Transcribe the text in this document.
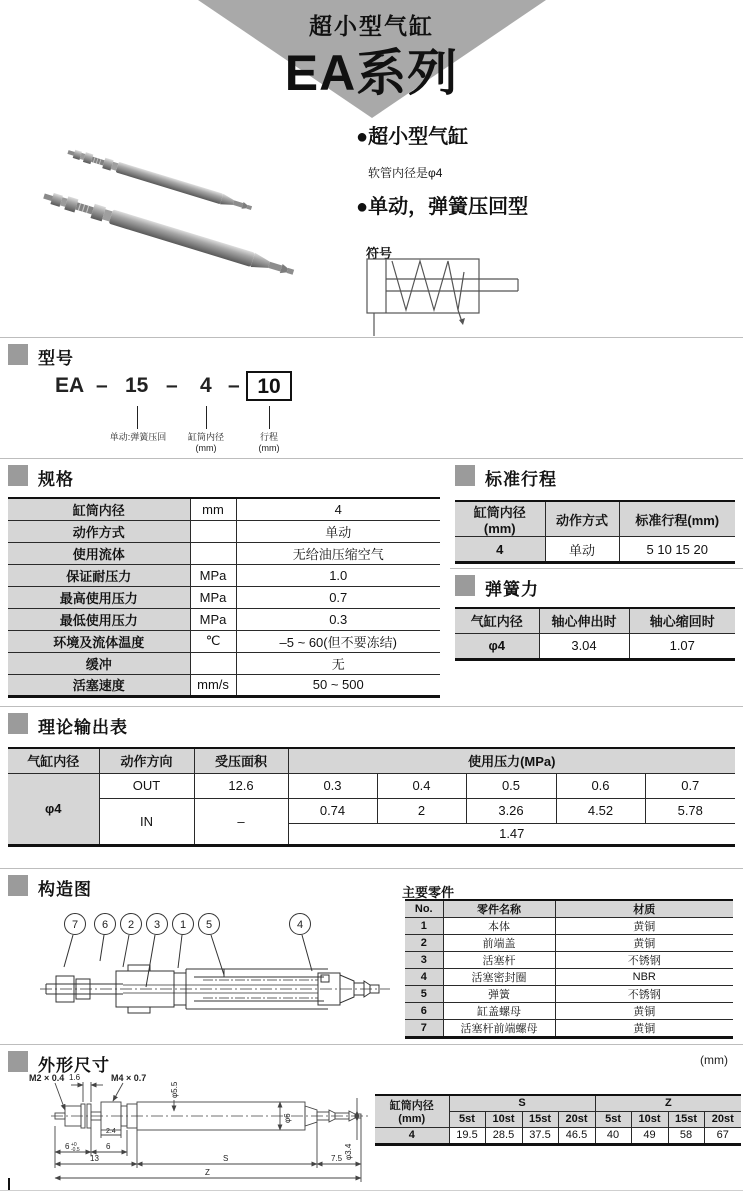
超小型气缸
EA系列
●超小型气缸
软管内径是φ4
●单动，弹簧压回型
符号
型号
EA – 15 – 4 – 10
单动:弹簧压回	缸筒内径
(mm)
行程
(mm)
规格
缸筒内径	mm	4
动作方式		单动
使用流体		无给油压缩空气
保证耐压力	MPa	1.0
最高使用压力	MPa	0.7
最低使用压力	MPa	0.3
环境及流体温度	℃	–5 ~ 60(但不要冻结)
缓冲		无
活塞速度	mm/s	50 ~ 500
标准行程
缸筒内径
(mm)	动作方式	标准行程(mm)
4	单动	5 10 15 20
弹簧力
气缸内径	轴心伸出时	轴心缩回时
φ4	3.04	1.07
理论输出表
气缸内径	动作方向	受压面积	使用压力(MPa)				
φ4	OUT	12.6	0.3	0.4	0.5	0.6	0.7
	IN	–	0.74	2	3.26	4.52	5.78
			1.47				
构造图
7 6 2 3 1 5	4
主要零件
No.	零件名称	材质
1	本体	黄铜
2	前端盖	黄铜
3	活塞杆	不锈钢
4	活塞密封圈	NBR
5	弹簧	不锈钢
6	缸盖螺母	黄铜
7	活塞杆前端螺母	黄铜
外形尺寸	(mm)
M2 × 0.4	M4 × 0.7
1.6
φ5.5
φ6
φ3.4
2.4
6 +0
-0.5	6
13	S	7.5
Z
缸筒内径
(mm)	S				Z			
	5st	10st	15st	20st	5st	10st	15st	20st
4	19.5	28.5	37.5	46.5	40	49	58	67
